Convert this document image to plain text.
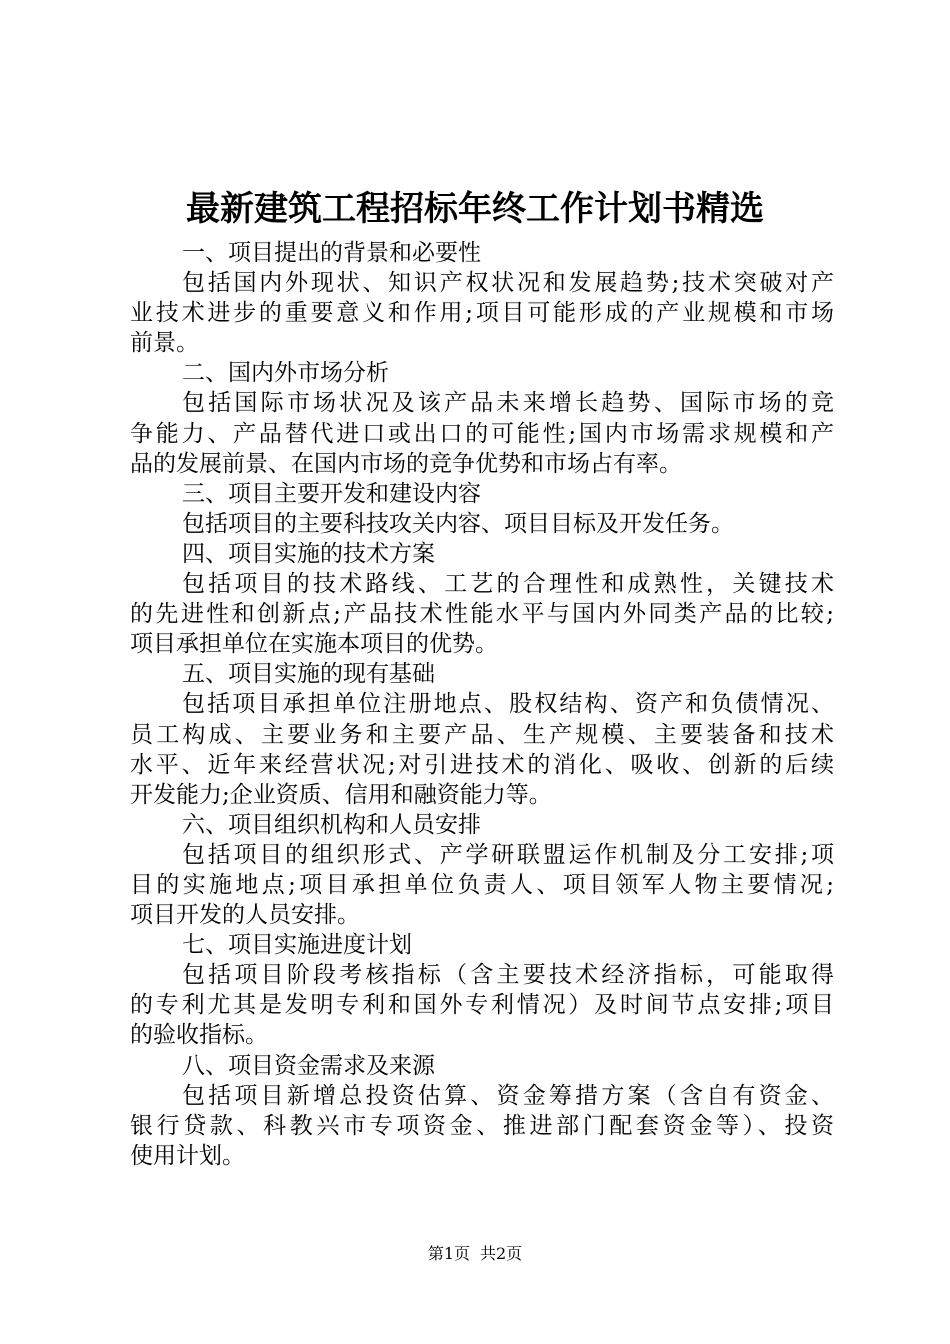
最新建筑工程招标年终工作计划书精选

一、项目提出的背景和必要性

包括国内外现状、知识产权状况和发展趋势;技术突破对产

业技术进步的重要意义和作用;项目可能形成的产业规模和市场

前景。

二、国内外市场分析

包括国际市场状况及该产品未来增长趋势、国际市场的竞

争能力、产品替代进口或出口的可能性;国内市场需求规模和产

品的发展前景、在国内市场的竞争优势和市场占有率。

三、项目主要开发和建设内容

包括项目的主要科技攻关内容、项目目标及开发任务。

四、项目实施的技术方案

包括项目的技术路线、工艺的合理性和成熟性，关键技术

的先进性和创新点;产品技术性能水平与国内外同类产品的比较;

项目承担单位在实施本项目的优势。

五、项目实施的现有基础

包括项目承担单位注册地点、股权结构、资产和负债情况、

员工构成、主要业务和主要产品、生产规模、主要装备和技术

水平、近年来经营状况;对引进技术的消化、吸收、创新的后续

开发能力;企业资质、信用和融资能力等。

六、项目组织机构和人员安排

包括项目的组织形式、产学研联盟运作机制及分工安排;项

目的实施地点;项目承担单位负责人、项目领军人物主要情况;

项目开发的人员安排。

七、项目实施进度计划

包括项目阶段考核指标（含主要技术经济指标，可能取得

的专利尤其是发明专利和国外专利情况）及时间节点安排;项目

的验收指标。

八、项目资金需求及来源

包括项目新增总投资估算、资金筹措方案（含自有资金、

银行贷款、科教兴市专项资金、推进部门配套资金等）、投资

使用计划。

第1页 共2页
